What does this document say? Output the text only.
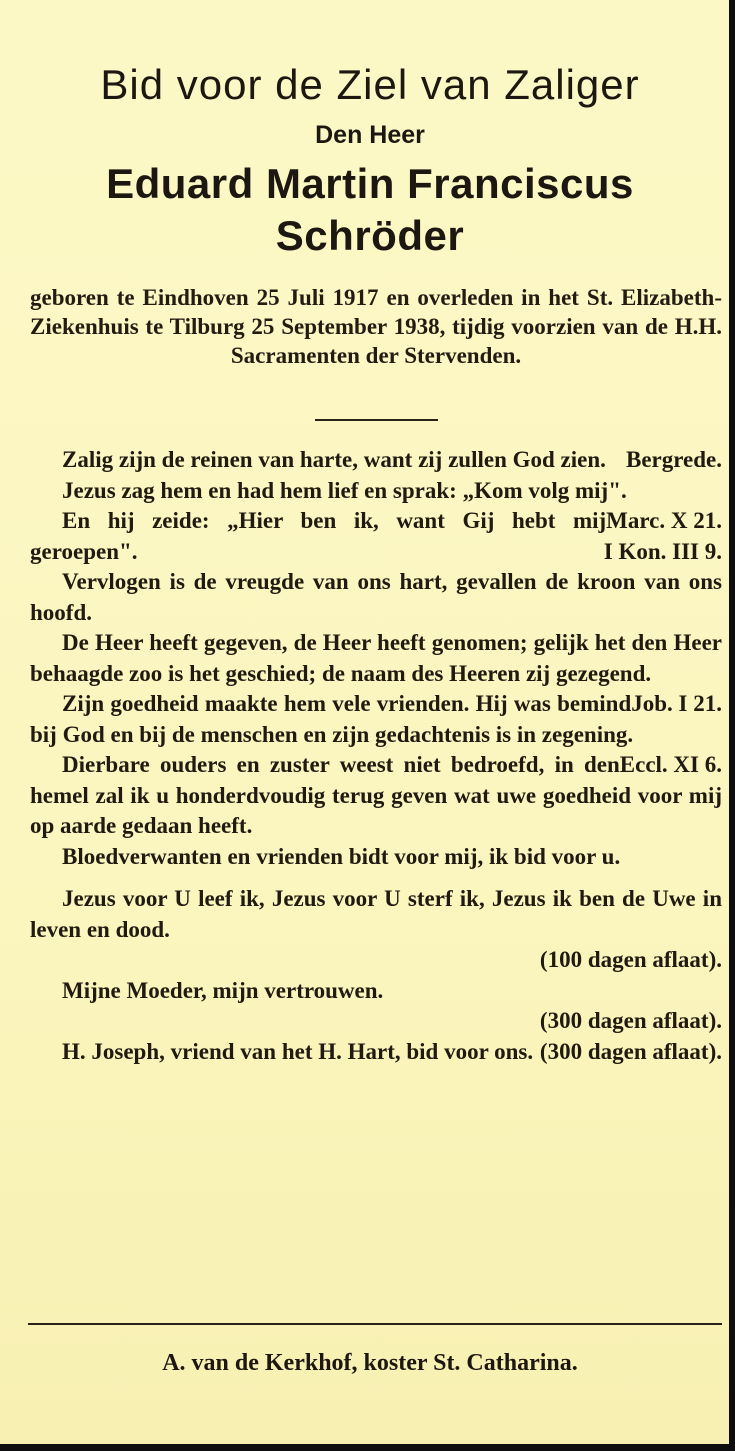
Bid voor de Ziel van Zaliger
Den Heer
Eduard Martin Franciscus
Schröder
geboren te Eindhoven 25 Juli 1917 en overleden in het St. Elizabeth-Ziekenhuis te Tilburg 25 September 1938, tijdig voorzien van de H.H. Sacramenten der Stervenden.

Zalig zijn de reinen van harte, want zij zullen God zien. Bergrede.

Jezus zag hem en had hem lief en sprak: „Kom volg mij".
Marc. X 21.

En hij zeide: „Hier ben ik, want Gij hebt mij geroepen".	I Kon. III 9.

Vervlogen is de vreugde van ons hart, gevallen de kroon van ons hoofd.

De Heer heeft gegeven, de Heer heeft genomen; gelijk het den Heer behaagde zoo is het geschied; de naam des Heeren zij gezegend.
Job. I 21.

Zijn goedheid maakte hem vele vrienden. Hij was bemind bij God en bij de menschen en zijn gedachtenis is in zegening.
Eccl. XI 6.

Dierbare ouders en zuster weest niet bedroefd, in den hemel zal ik u honderdvoudig terug geven wat uwe goedheid voor mij op aarde gedaan heeft.

Bloedverwanten en vrienden bidt voor mij, ik bid voor u.

Jezus voor U leef ik, Jezus voor U sterf ik, Jezus ik ben de Uwe in leven en dood.

(100 dagen aflaat).

Mijne Moeder, mijn vertrouwen.

(300 dagen aflaat).

H. Joseph, vriend van het H. Hart, bid voor ons. (300 dagen aflaat).

A. van de Kerkhof, koster St. Catharina.
